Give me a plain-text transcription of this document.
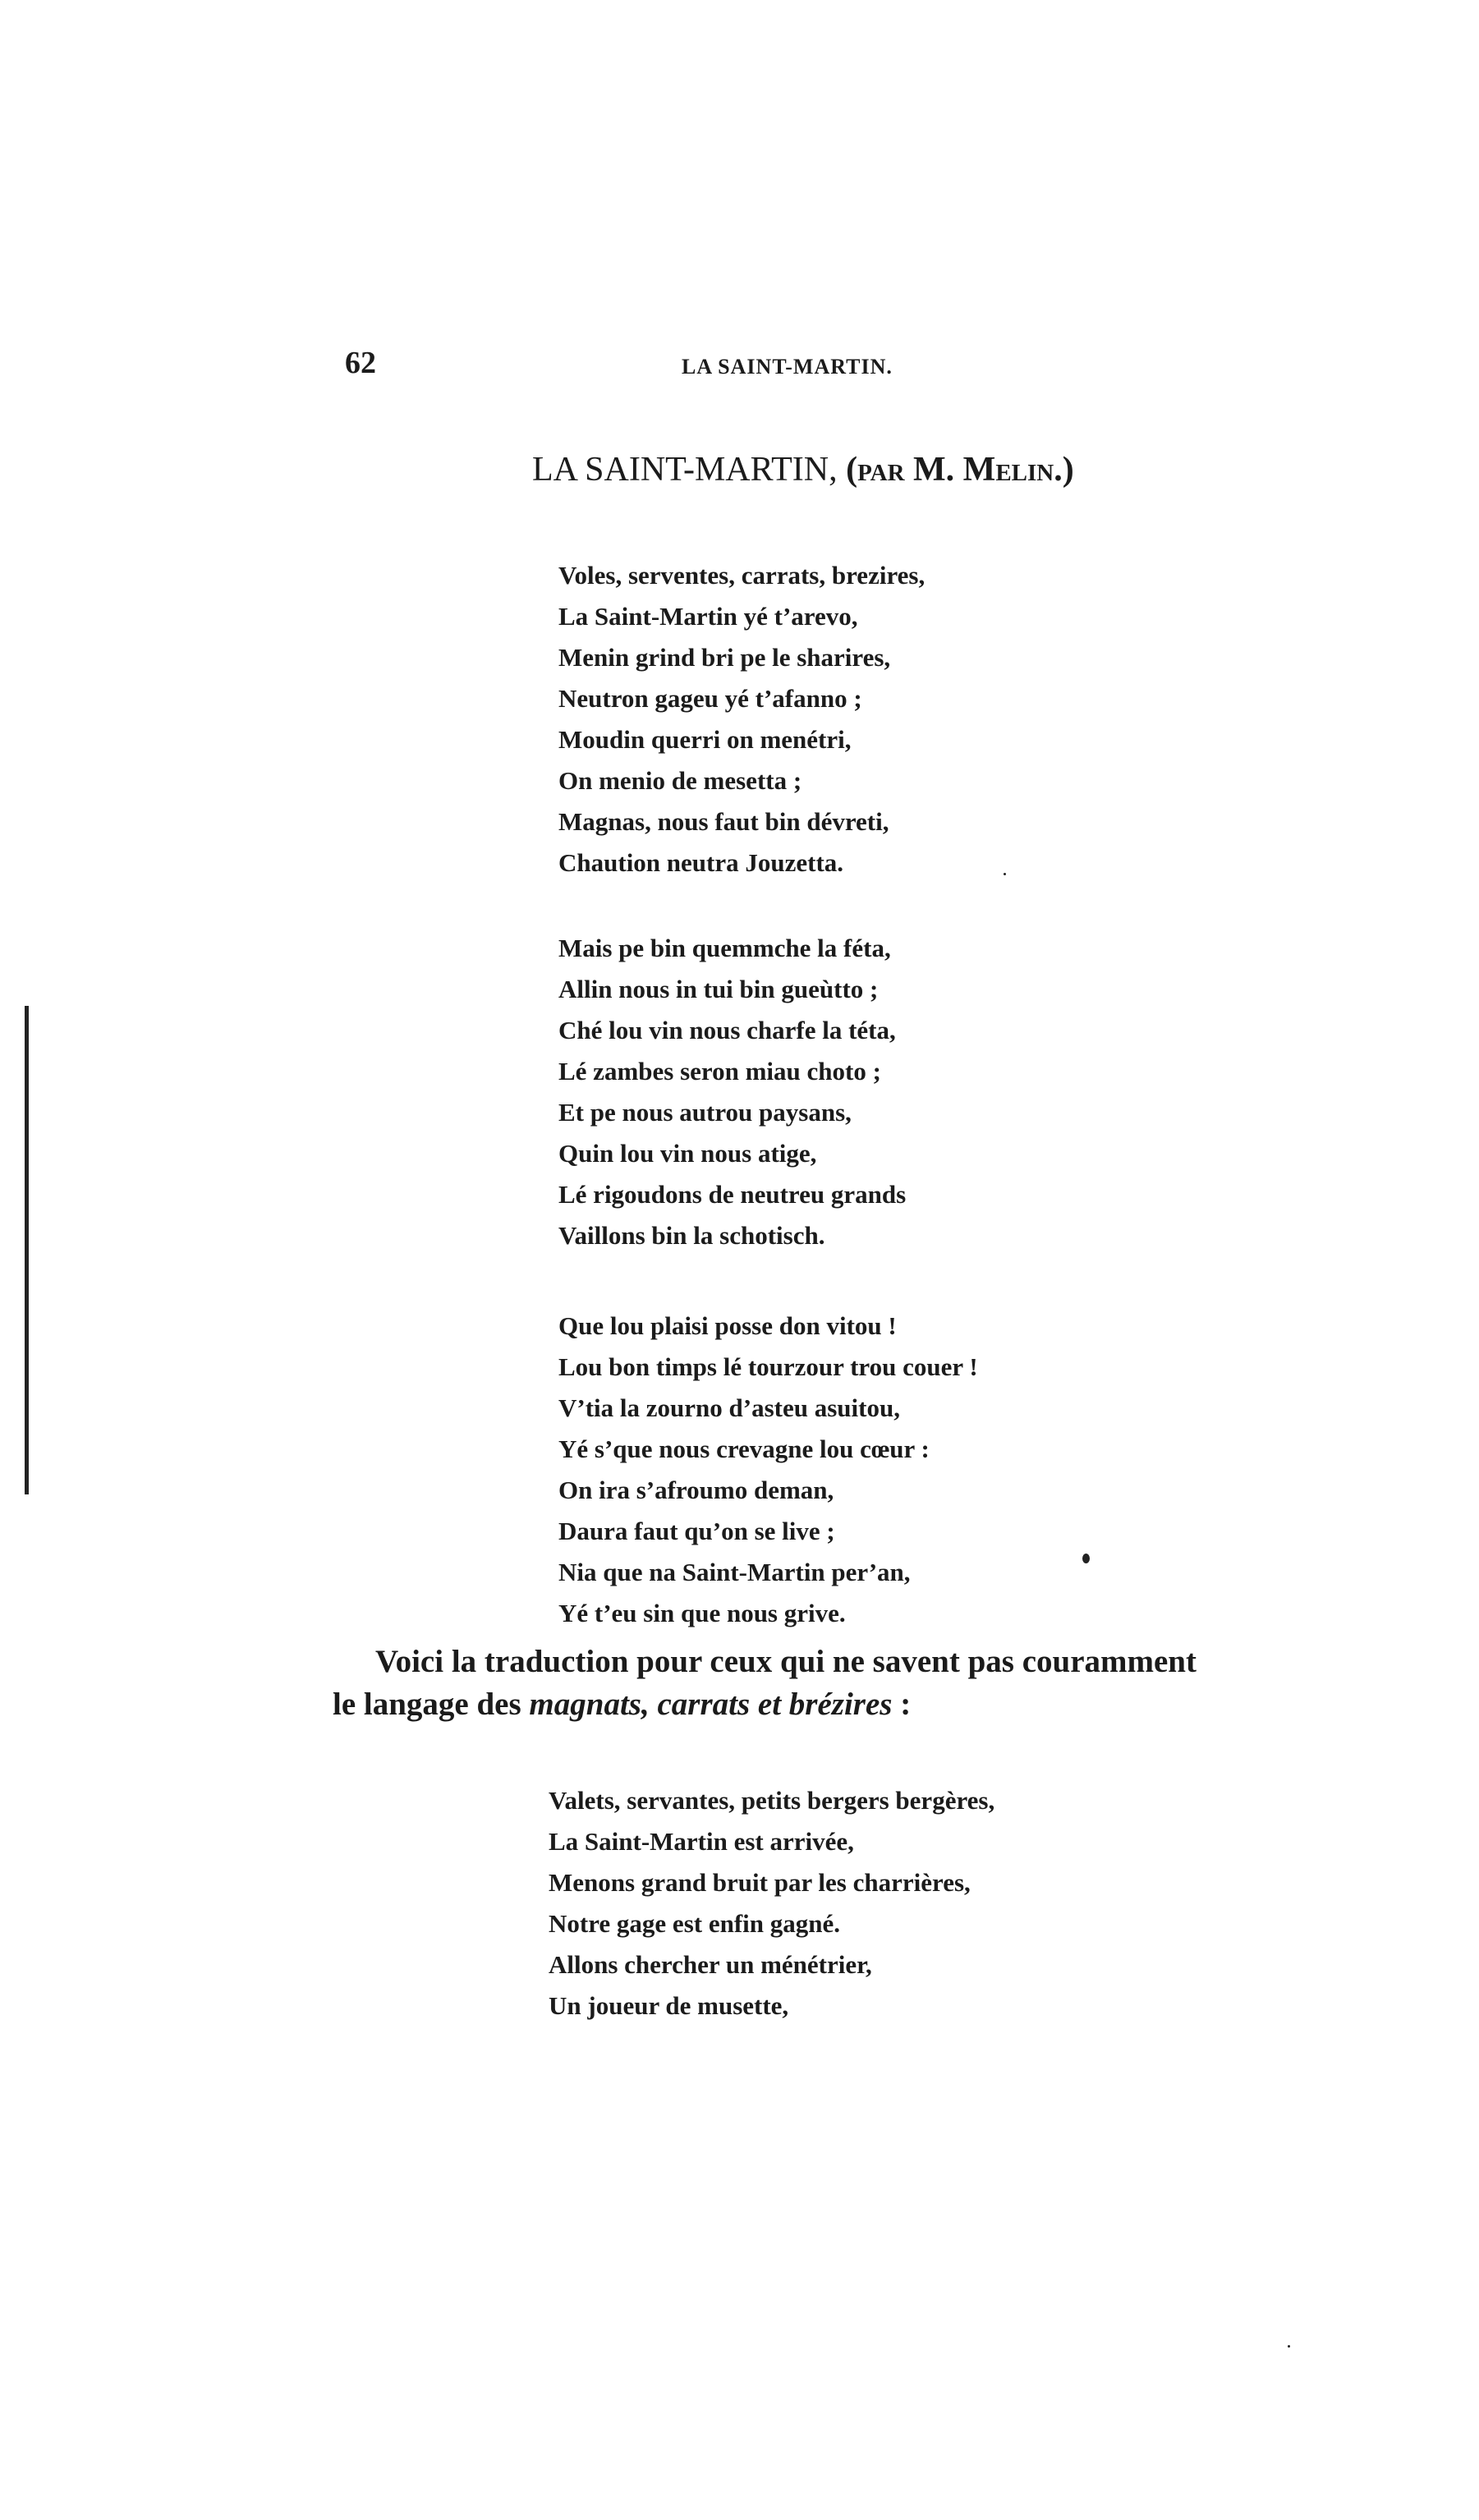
62	LA SAINT-MARTIN.
LA SAINT-MARTIN, (par M. Melin.)
Voles, serventes, carrats, brezires,
La Saint-Martin yé t’arevo,
Menin grind bri pe le sharires,
Neutron gageu yé t’afanno ;
Moudin querri on menétri,
On menio de mesetta ;
Magnas, nous faut bin dévreti,
Chaution neutra Jouzetta.
Mais pe bin quemmche la féta,
Allin nous in tui bin gueùtto ;
Ché lou vin nous charfe la téta,
Lé zambes seron miau choto ;
Et pe nous autrou paysans,
Quin lou vin nous atige,
Lé rigoudons de neutreu grands
Vaillons bin la schotisch.
Que lou plaisi posse don vitou !
Lou bon timps lé tourzour trou couer !
V’tia la zourno d’asteu asuitou,
Yé s’que nous crevagne lou cœur :
On ira s’afroumo deman,
Daura faut qu’on se live ;
Nia que na Saint-Martin per’an,
Yé t’eu sin que nous grive.
Voici la traduction pour ceux qui ne savent pas couramment
le langage des magnats, carrats et brézires :
Valets, servantes, petits bergers bergères,
La Saint-Martin est arrivée,
Menons grand bruit par les charrières,
Notre gage est enfin gagné.
Allons chercher un ménétrier,
Un joueur de musette,
